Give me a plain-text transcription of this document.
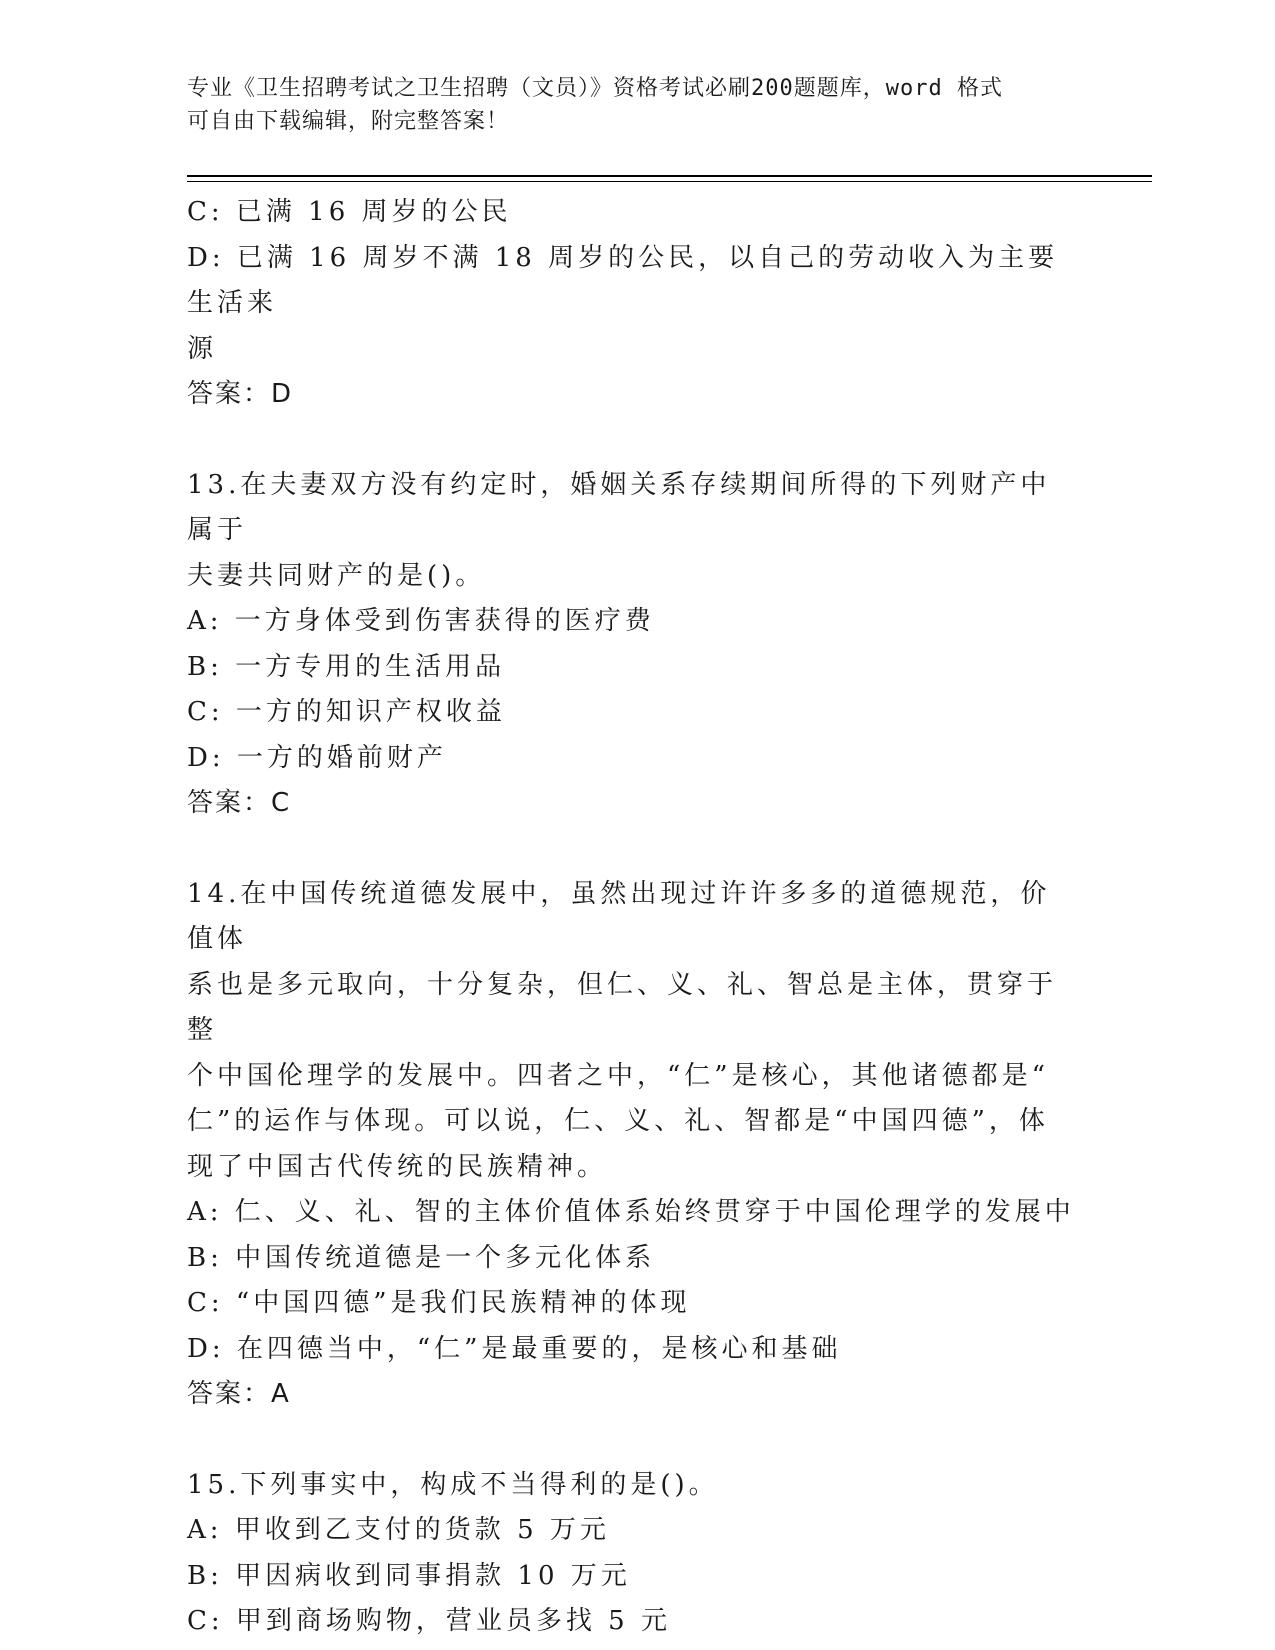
专业《卫生招聘考试之卫生招聘（文员）》资格考试必刷200题题库，word 格式
可自由下载编辑，附完整答案！
C: 已满 16 周岁的公民
D: 已满 16 周岁不满 18 周岁的公民，以自己的劳动收入为主要生活来
源
答案：D
13.在夫妻双方没有约定时，婚姻关系存续期间所得的下列财产中属于
夫妻共同财产的是()。
A: 一方身体受到伤害获得的医疗费
B: 一方专用的生活用品
C: 一方的知识产权收益
D: 一方的婚前财产
答案：C
14.在中国传统道德发展中，虽然出现过许许多多的道德规范，价值体
系也是多元取向，十分复杂，但仁、义、礼、智总是主体，贯穿于整
个中国伦理学的发展中。四者之中，“仁”是核心，其他诸德都是“
仁”的运作与体现。可以说，仁、义、礼、智都是“中国四德”，体
现了中国古代传统的民族精神。
A: 仁、义、礼、智的主体价值体系始终贯穿于中国伦理学的发展中
B: 中国传统道德是一个多元化体系
C: “中国四德”是我们民族精神的体现
D: 在四德当中，“仁”是最重要的，是核心和基础
答案：A
15.下列事实中，构成不当得利的是()。
A: 甲收到乙支付的货款 5 万元
B: 甲因病收到同事捐款 10 万元
C: 甲到商场购物，营业员多找 5 元
